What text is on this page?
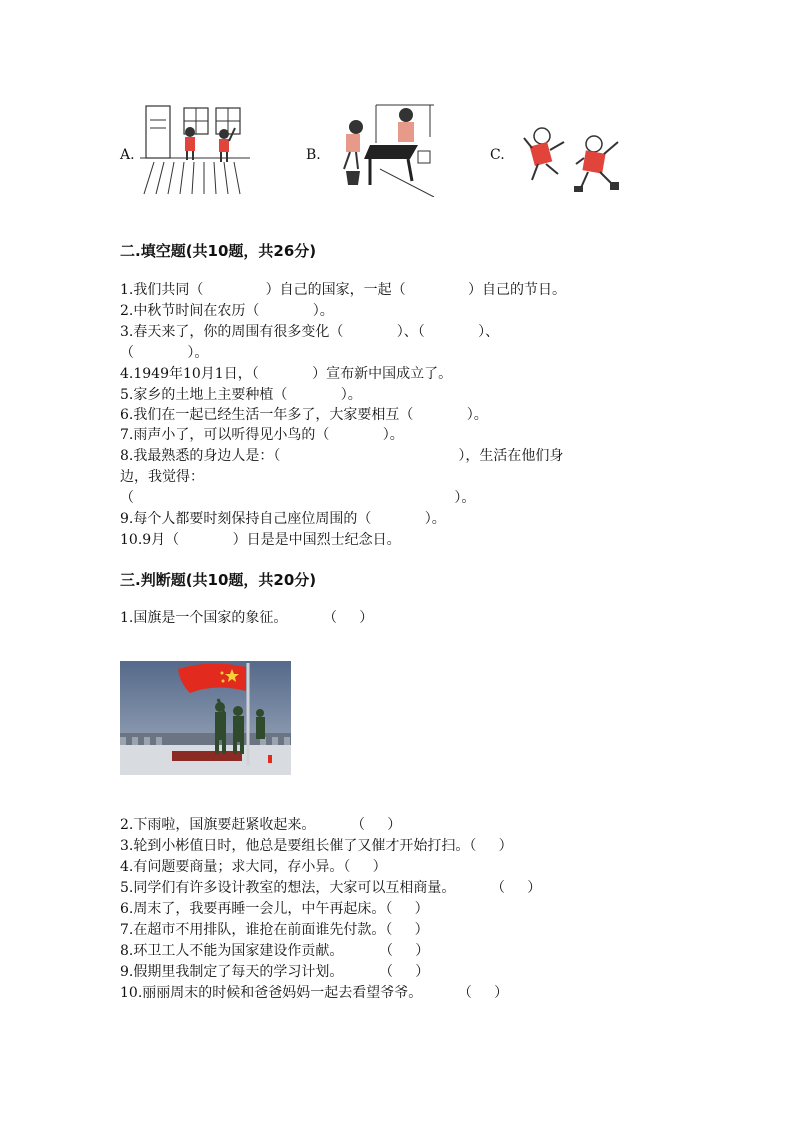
A.	B.	C.
二.填空题(共10题，共26分)
1.我们共同（              ）自己的国家，一起（              ）自己的节日。
2.中秋节时间在农历（            ）。
3.春天来了，你的周围有很多变化（            ）、（            ）、
（            ）。
4.1949年10月1日，（            ）宣布新中国成立了。
5.家乡的土地上主要种植（            ）。
6.我们在一起已经生活一年多了，大家要相互（            ）。
7.雨声小了，可以听得见小鸟的（            ）。
8.我最熟悉的身边人是：（                                        ），生活在他们身
边，我觉得：
（                                                                        ）。
9.每个人都要时刻保持自己座位周围的（            ）。
10.9月（            ）日是是中国烈士纪念日。
三.判断题(共10题，共20分)
1.国旗是一个国家的象征。        （     ）
2.下雨啦，国旗要赶紧收起来。        （     ）
3.轮到小彬值日时，他总是要组长催了又催才开始打扫。（     ）
4.有问题要商量；求大同，存小异。（     ）
5.同学们有许多设计教室的想法，大家可以互相商量。        （     ）
6.周末了，我要再睡一会儿，中午再起床。（     ）
7.在超市不用排队，谁抢在前面谁先付款。（     ）
8.环卫工人不能为国家建设作贡献。        （     ）
9.假期里我制定了每天的学习计划。        （     ）
10.丽丽周末的时候和爸爸妈妈一起去看望爷爷。        （     ）
